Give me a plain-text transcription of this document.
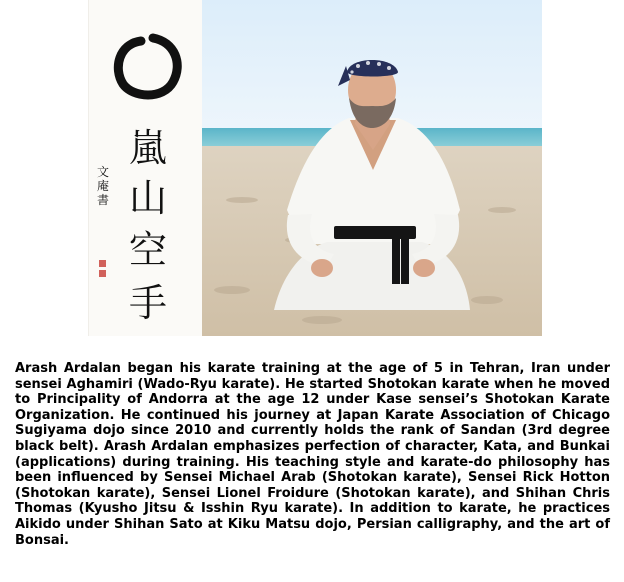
嵐
山
空
手
文庵書

Arash Ardalan began his karate training at the age of 5 in Tehran, Iran under sensei Aghamiri (Wado-Ryu karate). He started Shotokan karate when he moved to Principality of Andorra at the age 12 under Kase sensei’s Shotokan Karate Organization. He continued his journey at Japan Karate Association of Chicago Sugiyama dojo since 2010 and currently holds the rank of Sandan (3rd degree black belt). Arash Ardalan emphasizes perfection of character, Kata, and Bunkai (applications) during training. His teaching style and karate-do philosophy has been influenced by Sensei Michael Arab (Shotokan karate), Sensei Rick Hotton (Shotokan karate), Sensei Lionel Froidure (Shotokan karate), and Shihan Chris Thomas (Kyusho Jitsu & Isshin Ryu karate). In addition to karate, he practices Aikido under Shihan Sato at Kiku Matsu dojo, Persian calligraphy, and the art of Bonsai.
